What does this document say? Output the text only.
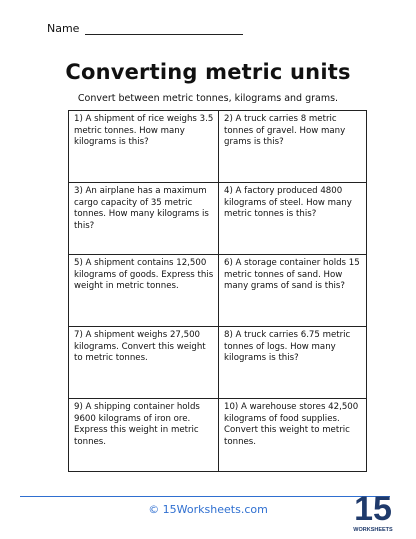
Name
Converting metric units
Convert between metric tonnes, kilograms and grams.
1) A shipment of rice weighs 3.5 metric tonnes. How many kilograms is this?
2) A truck carries 8 metric tonnes of gravel. How many grams is this?
3) An airplane has a maximum cargo capacity of 35 metric tonnes. How many kilograms is this?
4) A factory produced 4800 kilograms of steel. How many metric tonnes is this?
5) A shipment contains 12,500 kilograms of goods. Express this weight in metric tonnes.
6) A storage container holds 15 metric tonnes of sand. How many grams of sand is this?
7) A shipment weighs 27,500 kilograms. Convert this weight to metric tonnes.
8) A truck carries 6.75 metric tonnes of logs. How many kilograms is this?
9) A shipping container holds 9600 kilograms of iron ore. Express this weight in metric tonnes.
10) A warehouse stores 42,500 kilograms of food supplies. Convert this weight to metric tonnes.
© 15Worksheets.com	15
WORKSHEETS
